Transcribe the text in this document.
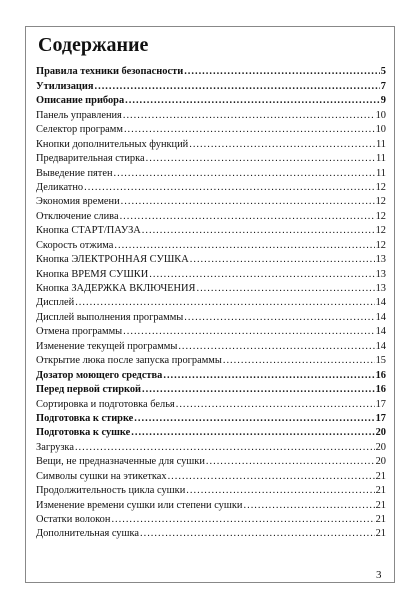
Содержание
Правила техники безопасности .....	5
Утилизация .....	7
Описание прибора .....	9
Панель управления .....	10
Селектор программ .....	10
Кнопки дополнительных функций .....	11
Предварительная стирка .....	11
Выведение пятен .....	11
Деликатно .....	12
Экономия времени .....	12
Отключение слива .....	12
Кнопка СТАРТ/ПАУЗА .....	12
Скорость отжима .....	12
Кнопка ЭЛЕКТРОННАЯ СУШКА .....	13
Кнопка ВРЕМЯ СУШКИ .....	13
Кнопка ЗАДЕРЖКА ВКЛЮЧЕНИЯ .....	13
Дисплей .....	14
Дисплей выполнения программы .....	14
Отмена программы .....	14
Изменение текущей программы .....	14
Открытие люка после запуска программы .....	15
Дозатор моющего средства .....	16
Перед первой стиркой .....	16
Сортировка и подготовка белья .....	17
Подготовка к стирке .....	17
Подготовка к сушке .....	20
Загрузка .....	20
Вещи, не предназначенные для сушки .....	20
Символы сушки на этикетках .....	21
Продолжительность цикла сушки .....	21
Изменение времени сушки или степени сушки .....	21
Остатки волокон .....	21
Дополнительная сушка .....	21
3
